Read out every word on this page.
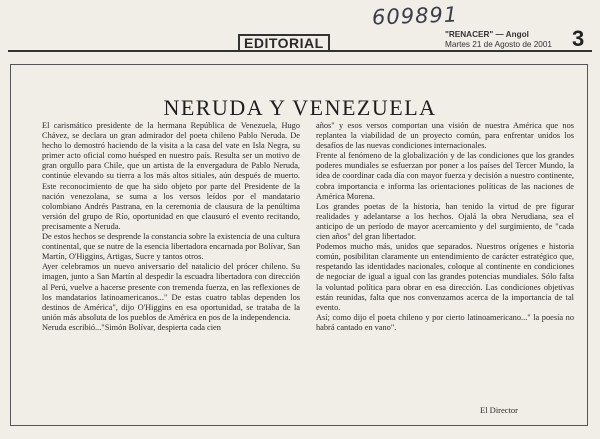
609891
EDITORIAL
"RENACER" — Angol
Martes 21 de Agosto de 2001 3
NERUDA Y VENEZUELA

El carismático presidente de la hermana República de Venezuela, Hugo Chávez, se declara un gran admirador del poeta chileno Pablo Neruda. De hecho lo demostró haciendo de la visita a la casa del vate en Isla Negra, su primer acto oficial como huésped en nuestro país. Resulta ser un motivo de gran orgullo para Chile, que un artista de la envergadura de Pablo Neruda, continúe elevando su tierra a los más altos sitiales, aún después de muerto. Este reconocimiento de que ha sido objeto por parte del Presidente de la nación venezolana, se suma a los versos leídos por el mandatario colombiano Andrés Pastrana, en la ceremonia de clausura de la penúltima versión del grupo de Río, oportunidad en que clausuró el evento recitando, precisamente a Neruda.

De estos hechos se desprende la constancia sobre la existencia de una cultura continental, que se nutre de la esencia libertadora encarnada por Bolívar, San Martín, O'Higgins, Artigas, Sucre y tantos otros.

Ayer celebramos un nuevo aniversario del natalicio del prócer chileno. Su imagen, junto a San Martín al despedir la escuadra libertadora con dirección al Perú, vuelve a hacerse presente con tremenda fuerza, en las reflexiones de los mandatarios latinoamericanos..." De estas cuatro tablas dependen los destinos de América", dijo O'Higgins en esa oportunidad, se trataba de la unión más absoluta de los pueblos de América en pos de la independencia.

Neruda escribió..."Simón Bolívar, despierta cada cien

años" y esos versos comportan una visión de nuestra América que nos replantea la viabilidad de un proyecto común, para enfrentar unidos los desafíos de las nuevas condiciones internacionales.

Frente al fenómeno de la globalización y de las condiciones que los grandes poderes mundiales se esfuerzan por poner a los países del Tercer Mundo, la idea de coordinar cada día con mayor fuerza y decisión a nuestro continente, cobra importancia e informa las orientaciones políticas de las naciones de América Morena.

Los grandes poetas de la historia, han tenido la virtud de pre figurar realidades y adelantarse a los hechos. Ojalá la obra Nerudiana, sea el anticipo de un período de mayor acercamiento y del surgimiento, de "cada cien años" del gran libertador.

Podemos mucho más, unidos que separados. Nuestros orígenes e historia común, posibilitan claramente un entendimiento de carácter estratégico que, respetando las identidades nacionales, coloque al continente en condiciones de negociar de igual a igual con las grandes potencias mundiales. Sólo falta la voluntad política para obrar en esa dirección. Las condiciones objetivas están reunidas, falta que nos convenzamos acerca de la importancia de tal evento.

Así; como dijo el poeta chileno y por cierto latinoamericano..." la poesía no habrá cantado en vano".

El Director
